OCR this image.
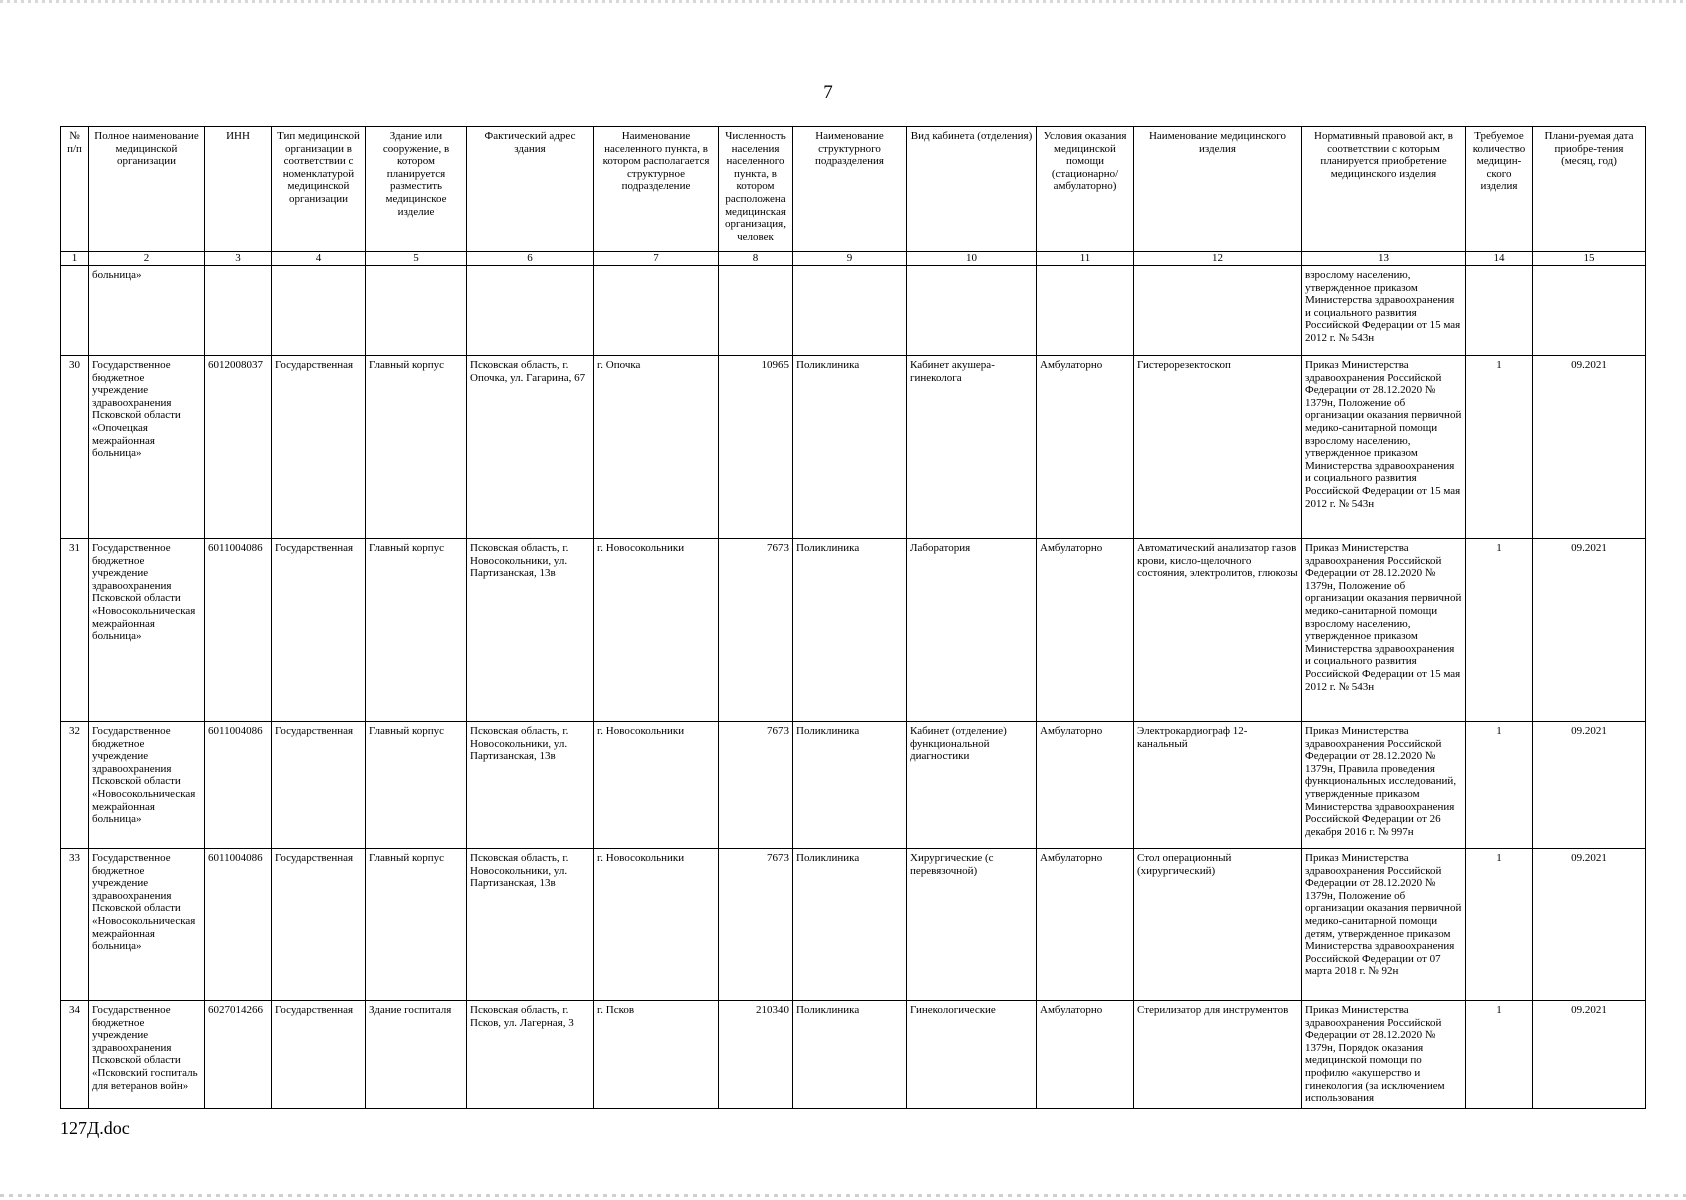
7
№ п/п	Полное наименование медицинской организации	ИНН	Тип медицинской организации в соответствии с номенклатурой медицинской организации	Здание или сооружение, в котором планируется разместить медицинское изделие	Фактический адрес здания	Наименование населенного пункта, в котором располагается структурное подразделение	Численность населения населенного пункта, в котором расположена медицинская организация, человек	Наименование структурного подразделения	Вид кабинета (отделения)	Условия оказания медицинской помощи (стационарно/ амбулаторно)	Наименование медицинского изделия	Нормативный правовой акт, в соответствии с которым планируется приобретение медицинского изделия	Требуемое количество медицин-ского изделия	Плани-руемая дата приобре-тения (месяц, год)
1	2	3	4	5	6	7	8	9	10	11	12	13	14	15
	больница»											взрослому населению, утвержденное приказом Министерства здравоохранения и социального развития Российской Федерации от 15 мая 2012 г. № 543н		
30	Государственное бюджетное учреждение здравоохранения Псковской области «Опочецкая межрайонная больница»	6012008037	Государственная	Главный корпус	Псковская область, г. Опочка, ул. Гагарина, 67	г. Опочка	10965	Поликлиника	Кабинет акушера-гинеколога	Амбулаторно	Гистерорезектоскоп	Приказ Министерства здравоохранения Российской Федерации от 28.12.2020 № 1379н, Положение об организации оказания первичной медико-санитарной помощи взрослому населению, утвержденное приказом Министерства здравоохранения и социального развития Российской Федерации от 15 мая 2012 г. № 543н	1	09.2021
31	Государственное бюджетное учреждение здравоохранения Псковской области «Новосокольническая межрайонная больница»	6011004086	Государственная	Главный корпус	Псковская область, г. Новосокольники, ул. Партизанская, 13в	г. Новосокольники	7673	Поликлиника	Лаборатория	Амбулаторно	Автоматический анализатор газов крови, кисло-щелочного состояния, электролитов, глюкозы	Приказ Министерства здравоохранения Российской Федерации от 28.12.2020 № 1379н, Положение об организации оказания первичной медико-санитарной помощи взрослому населению, утвержденное приказом Министерства здравоохранения и социального развития Российской Федерации от 15 мая 2012 г. № 543н	1	09.2021
32	Государственное бюджетное учреждение здравоохранения Псковской области «Новосокольническая межрайонная больница»	6011004086	Государственная	Главный корпус	Псковская область, г. Новосокольники, ул. Партизанская, 13в	г. Новосокольники	7673	Поликлиника	Кабинет (отделение) функциональной диагностики	Амбулаторно	Электрокардиограф 12-канальный	Приказ Министерства здравоохранения Российской Федерации от 28.12.2020 № 1379н, Правила проведения функциональных исследований, утвержденные приказом Министерства здравоохранения Российской Федерации от 26 декабря 2016 г. № 997н	1	09.2021
33	Государственное бюджетное учреждение здравоохранения Псковской области «Новосокольническая межрайонная больница»	6011004086	Государственная	Главный корпус	Псковская область, г. Новосокольники, ул. Партизанская, 13в	г. Новосокольники	7673	Поликлиника	Хирургические (с перевязочной)	Амбулаторно	Стол операционный (хирургический)	Приказ Министерства здравоохранения Российской Федерации от 28.12.2020 № 1379н, Положение об организации оказания первичной медико-санитарной помощи детям, утвержденное приказом Министерства здравоохранения Российской Федерации от 07 марта 2018 г. № 92н	1	09.2021
34	Государственное бюджетное учреждение здравоохранения Псковской области «Псковский госпиталь для ветеранов войн»	6027014266	Государственная	Здание госпиталя	Псковская область, г. Псков, ул. Лагерная, 3	г. Псков	210340	Поликлиника	Гинекологические	Амбулаторно	Стерилизатор для инструментов	Приказ Министерства здравоохранения Российской Федерации от 28.12.2020 № 1379н, Порядок оказания медицинской помощи по профилю «акушерство и гинекология (за исключением использования	1	09.2021
127Д.doc
